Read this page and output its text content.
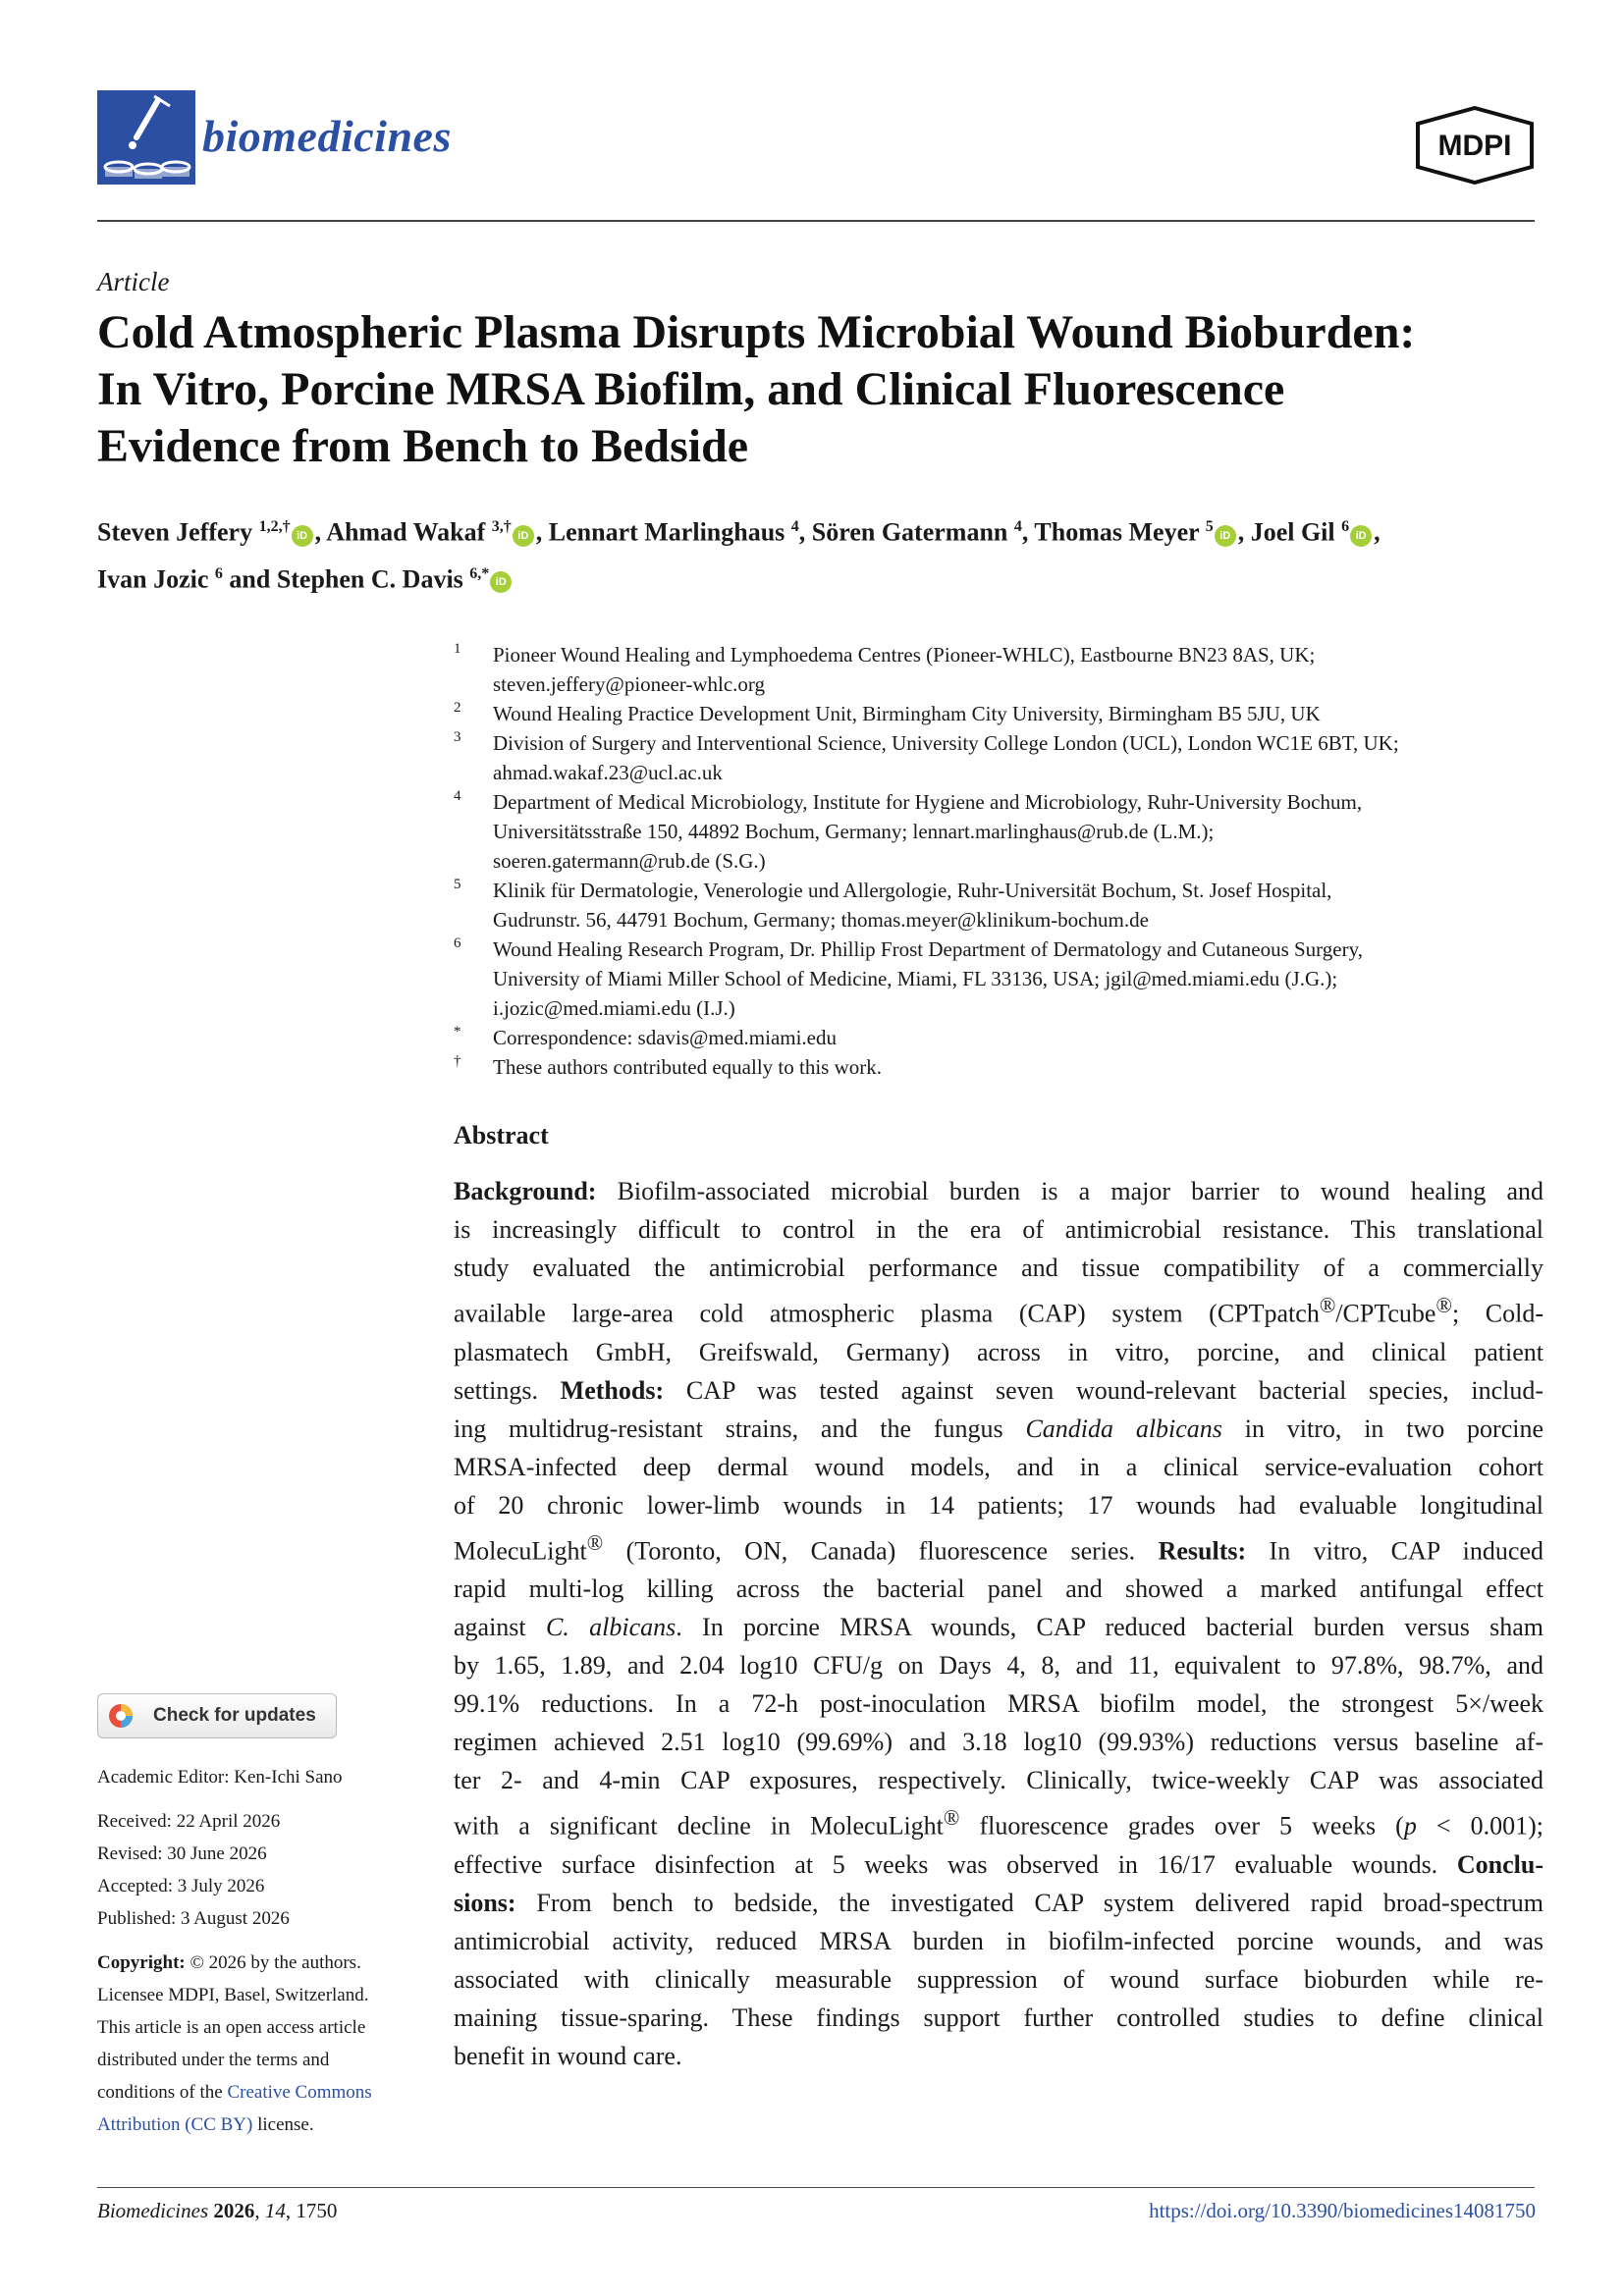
biomedicines	MDPI
Article
Cold Atmospheric Plasma Disrupts Microbial Wound Bioburden:
In Vitro, Porcine MRSA Biofilm, and Clinical Fluorescence
Evidence from Bench to Bedside
Steven Jeffery $^{1,2,\dagger}$iD , Ahmad Wakaf $^{3,\dagger}$iD , Lennart Marlinghaus $^4$, Sören Gatermann $^4$, Thomas Meyer $^5$iD , Joel Gil $^6$iD ,
Ivan Jozic $^6$ and Stephen C. Davis $^{6,*}$iD
1 Pioneer Wound Healing and Lymphoedema Centres (Pioneer-WHLC), Eastbourne BN23 8AS, UK;
steven.jeffery@pioneer-whlc.org
2 Wound Healing Practice Development Unit, Birmingham City University, Birmingham B5 5JU, UK
3 Division of Surgery and Interventional Science, University College London (UCL), London WC1E 6BT, UK;
ahmad.wakaf.23@ucl.ac.uk
4 Department of Medical Microbiology, Institute for Hygiene and Microbiology, Ruhr-University Bochum,
Universitätsstraße 150, 44892 Bochum, Germany; lennart.marlinghaus@rub.de (L.M.);
soeren.gatermann@rub.de (S.G.)
5 Klinik für Dermatologie, Venerologie und Allergologie, Ruhr-Universität Bochum, St. Josef Hospital,
Gudrunstr. 56, 44791 Bochum, Germany; thomas.meyer@klinikum-bochum.de
6 Wound Healing Research Program, Dr. Phillip Frost Department of Dermatology and Cutaneous Surgery,
University of Miami Miller School of Medicine, Miami, FL 33136, USA; jgil@med.miami.edu (J.G.);
i.jozic@med.miami.edu (I.J.)
* Correspondence: sdavis@med.miami.edu
† These authors contributed equally to this work.
Abstract
Background: Biofilm-associated microbial burden is a major barrier to wound healing and
is increasingly difficult to control in the era of antimicrobial resistance. This translational
study evaluated the antimicrobial performance and tissue compatibility of a commercially
available large-area cold atmospheric plasma (CAP) system (CPTpatch®/CPTcube®; Cold-
plasmatech GmbH, Greifswald, Germany) across in vitro, porcine, and clinical patient
settings. Methods: CAP was tested against seven wound-relevant bacterial species, includ-
ing multidrug-resistant strains, and the fungus Candida albicans in vitro, in two porcine
MRSA-infected deep dermal wound models, and in a clinical service-evaluation cohort
of 20 chronic lower-limb wounds in 14 patients; 17 wounds had evaluable longitudinal
MolecuLight® (Toronto, ON, Canada) fluorescence series. Results: In vitro, CAP induced
rapid multi-log killing across the bacterial panel and showed a marked antifungal effect
against C. albicans. In porcine MRSA wounds, CAP reduced bacterial burden versus sham
by 1.65, 1.89, and 2.04 log10 CFU/g on Days 4, 8, and 11, equivalent to 97.8%, 98.7%, and
99.1% reductions. In a 72-h post-inoculation MRSA biofilm model, the strongest 5×/week
regimen achieved 2.51 log10 (99.69%) and 3.18 log10 (99.93%) reductions versus baseline af-
ter 2- and 4-min CAP exposures, respectively. Clinically, twice-weekly CAP was associated
with a significant decline in MolecuLight® fluorescence grades over 5 weeks (p < 0.001);
effective surface disinfection at 5 weeks was observed in 16/17 evaluable wounds. Conclu-
sions: From bench to bedside, the investigated CAP system delivered rapid broad-spectrum
antimicrobial activity, reduced MRSA burden in biofilm-infected porcine wounds, and was
associated with clinically measurable suppression of wound surface bioburden while re-
maining tissue-sparing. These findings support further controlled studies to define clinical
benefit in wound care.
Check for updates
Academic Editor: Ken-Ichi Sano
Received: 22 April 2026
Revised: 30 June 2026
Accepted: 3 July 2026
Published: 3 August 2026
Copyright: © 2026 by the authors.
Licensee MDPI, Basel, Switzerland.
This article is an open access article
distributed under the terms and
conditions of the Creative Commons
Attribution (CC BY) license.
Biomedicines 2026, 14, 1750	https://doi.org/10.3390/biomedicines14081750
